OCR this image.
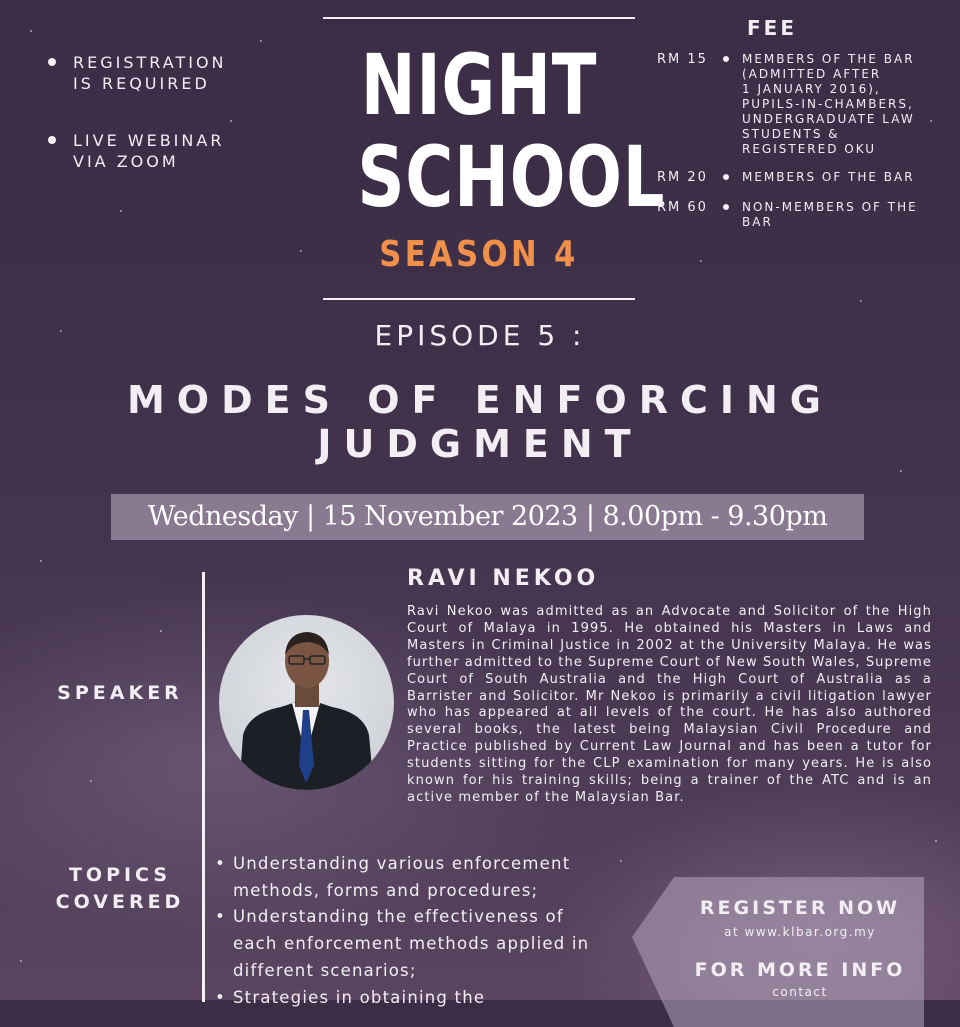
REGISTRATION
IS REQUIRED
LIVE WEBINAR
VIA ZOOM
NIGHT
SCHOOL
SEASON 4
FEE
RM 15	MEMBERS OF THE BAR
(ADMITTED AFTER
1 JANUARY 2016),
PUPILS-IN-CHAMBERS,
UNDERGRADUATE LAW
STUDENTS &
REGISTERED OKU
RM 20	MEMBERS OF THE BAR
RM 60	NON-MEMBERS OF THE
BAR
EPISODE 5 :
MODES OF ENFORCING
JUDGMENT
Wednesday | 15 November 2023 | 8.00pm - 9.30pm
SPEAKER
RAVI NEKOO
Ravi Nekoo was admitted as an Advocate and Solicitor of the High Court of Malaya in 1995. He obtained his Masters in Laws and Masters in Criminal Justice in 2002 at the University Malaya. He was further admitted to the Supreme Court of New South Wales, Supreme Court of South Australia and the High Court of Australia as a Barrister and Solicitor. Mr Nekoo is primarily a civil litigation lawyer who has appeared at all levels of the court. He has also authored several books, the latest being Malaysian Civil Procedure and Practice published by Current Law Journal and has been a tutor for students sitting for the CLP examination for many years. He is also known for his training skills; being a trainer of the ATC and is an active member of the Malaysian Bar.
TOPICS
COVERED
• Understanding various enforcement methods, forms and procedures;
• Understanding the effectiveness of each enforcement methods applied in different scenarios;
• Strategies in obtaining the
REGISTER NOW
at www.klbar.org.my
FOR MORE INFO
contact
